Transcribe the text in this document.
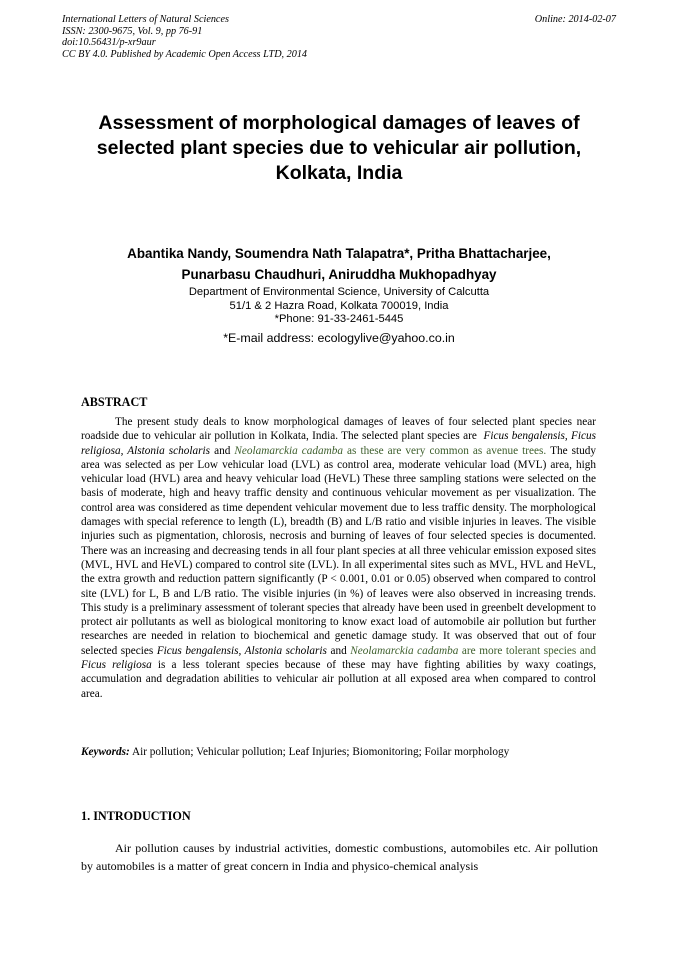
International Letters of Natural Sciences
ISSN: 2300-9675, Vol. 9, pp 76-91
doi:10.56431/p-xr9aur
CC BY 4.0. Published by Academic Open Access LTD, 2014
Online: 2014-02-07
Assessment of morphological damages of leaves of
selected plant species due to vehicular air pollution,
Kolkata, India
Abantika Nandy, Soumendra Nath Talapatra*, Pritha Bhattacharjee,
Punarbasu Chaudhuri, Aniruddha Mukhopadhyay
Department of Environmental Science, University of Calcutta
51/1 & 2 Hazra Road, Kolkata 700019, India
*Phone: 91-33-2461-5445
*E-mail address: ecologylive@yahoo.co.in
ABSTRACT

The present study deals to know morphological damages of leaves of four selected plant species near roadside due to vehicular air pollution in Kolkata, India. The selected plant species are Ficus bengalensis, Ficus religiosa, Alstonia scholaris and Neolamarckia cadamba as these are very common as avenue trees. The study area was selected as per Low vehicular load (LVL) as control area, moderate vehicular load (MVL) area, high vehicular load (HVL) area and heavy vehicular load (HeVL) These three sampling stations were selected on the basis of moderate, high and heavy traffic density and continuous vehicular movement as per visualization. The control area was considered as time dependent vehicular movement due to less traffic density. The morphological damages with special reference to length (L), breadth (B) and L/B ratio and visible injuries in leaves. The visible injuries such as pigmentation, chlorosis, necrosis and burning of leaves of four selected species is documented. There was an increasing and decreasing tends in all four plant species at all three vehicular emission exposed sites (MVL, HVL and HeVL) compared to control site (LVL). In all experimental sites such as MVL, HVL and HeVL, the extra growth and reduction pattern significantly (P < 0.001, 0.01 or 0.05) observed when compared to control site (LVL) for L, B and L/B ratio. The visible injuries (in %) of leaves were also observed in increasing trends. This study is a preliminary assessment of tolerant species that already have been used in greenbelt development to protect air pollutants as well as biological monitoring to know exact load of automobile air pollution but further researches are needed in relation to biochemical and genetic damage study. It was observed that out of four selected species Ficus bengalensis, Alstonia scholaris and Neolamarckia cadamba are more tolerant species and Ficus religiosa is a less tolerant species because of these may have fighting abilities by waxy coatings, accumulation and degradation abilities to vehicular air pollution at all exposed area when compared to control area.

Keywords: Air pollution; Vehicular pollution; Leaf Injuries; Biomonitoring; Foilar morphology
1. INTRODUCTION

Air pollution causes by industrial activities, domestic combustions, automobiles etc. Air pollution by automobiles is a matter of great concern in India and physico-chemical analysis
